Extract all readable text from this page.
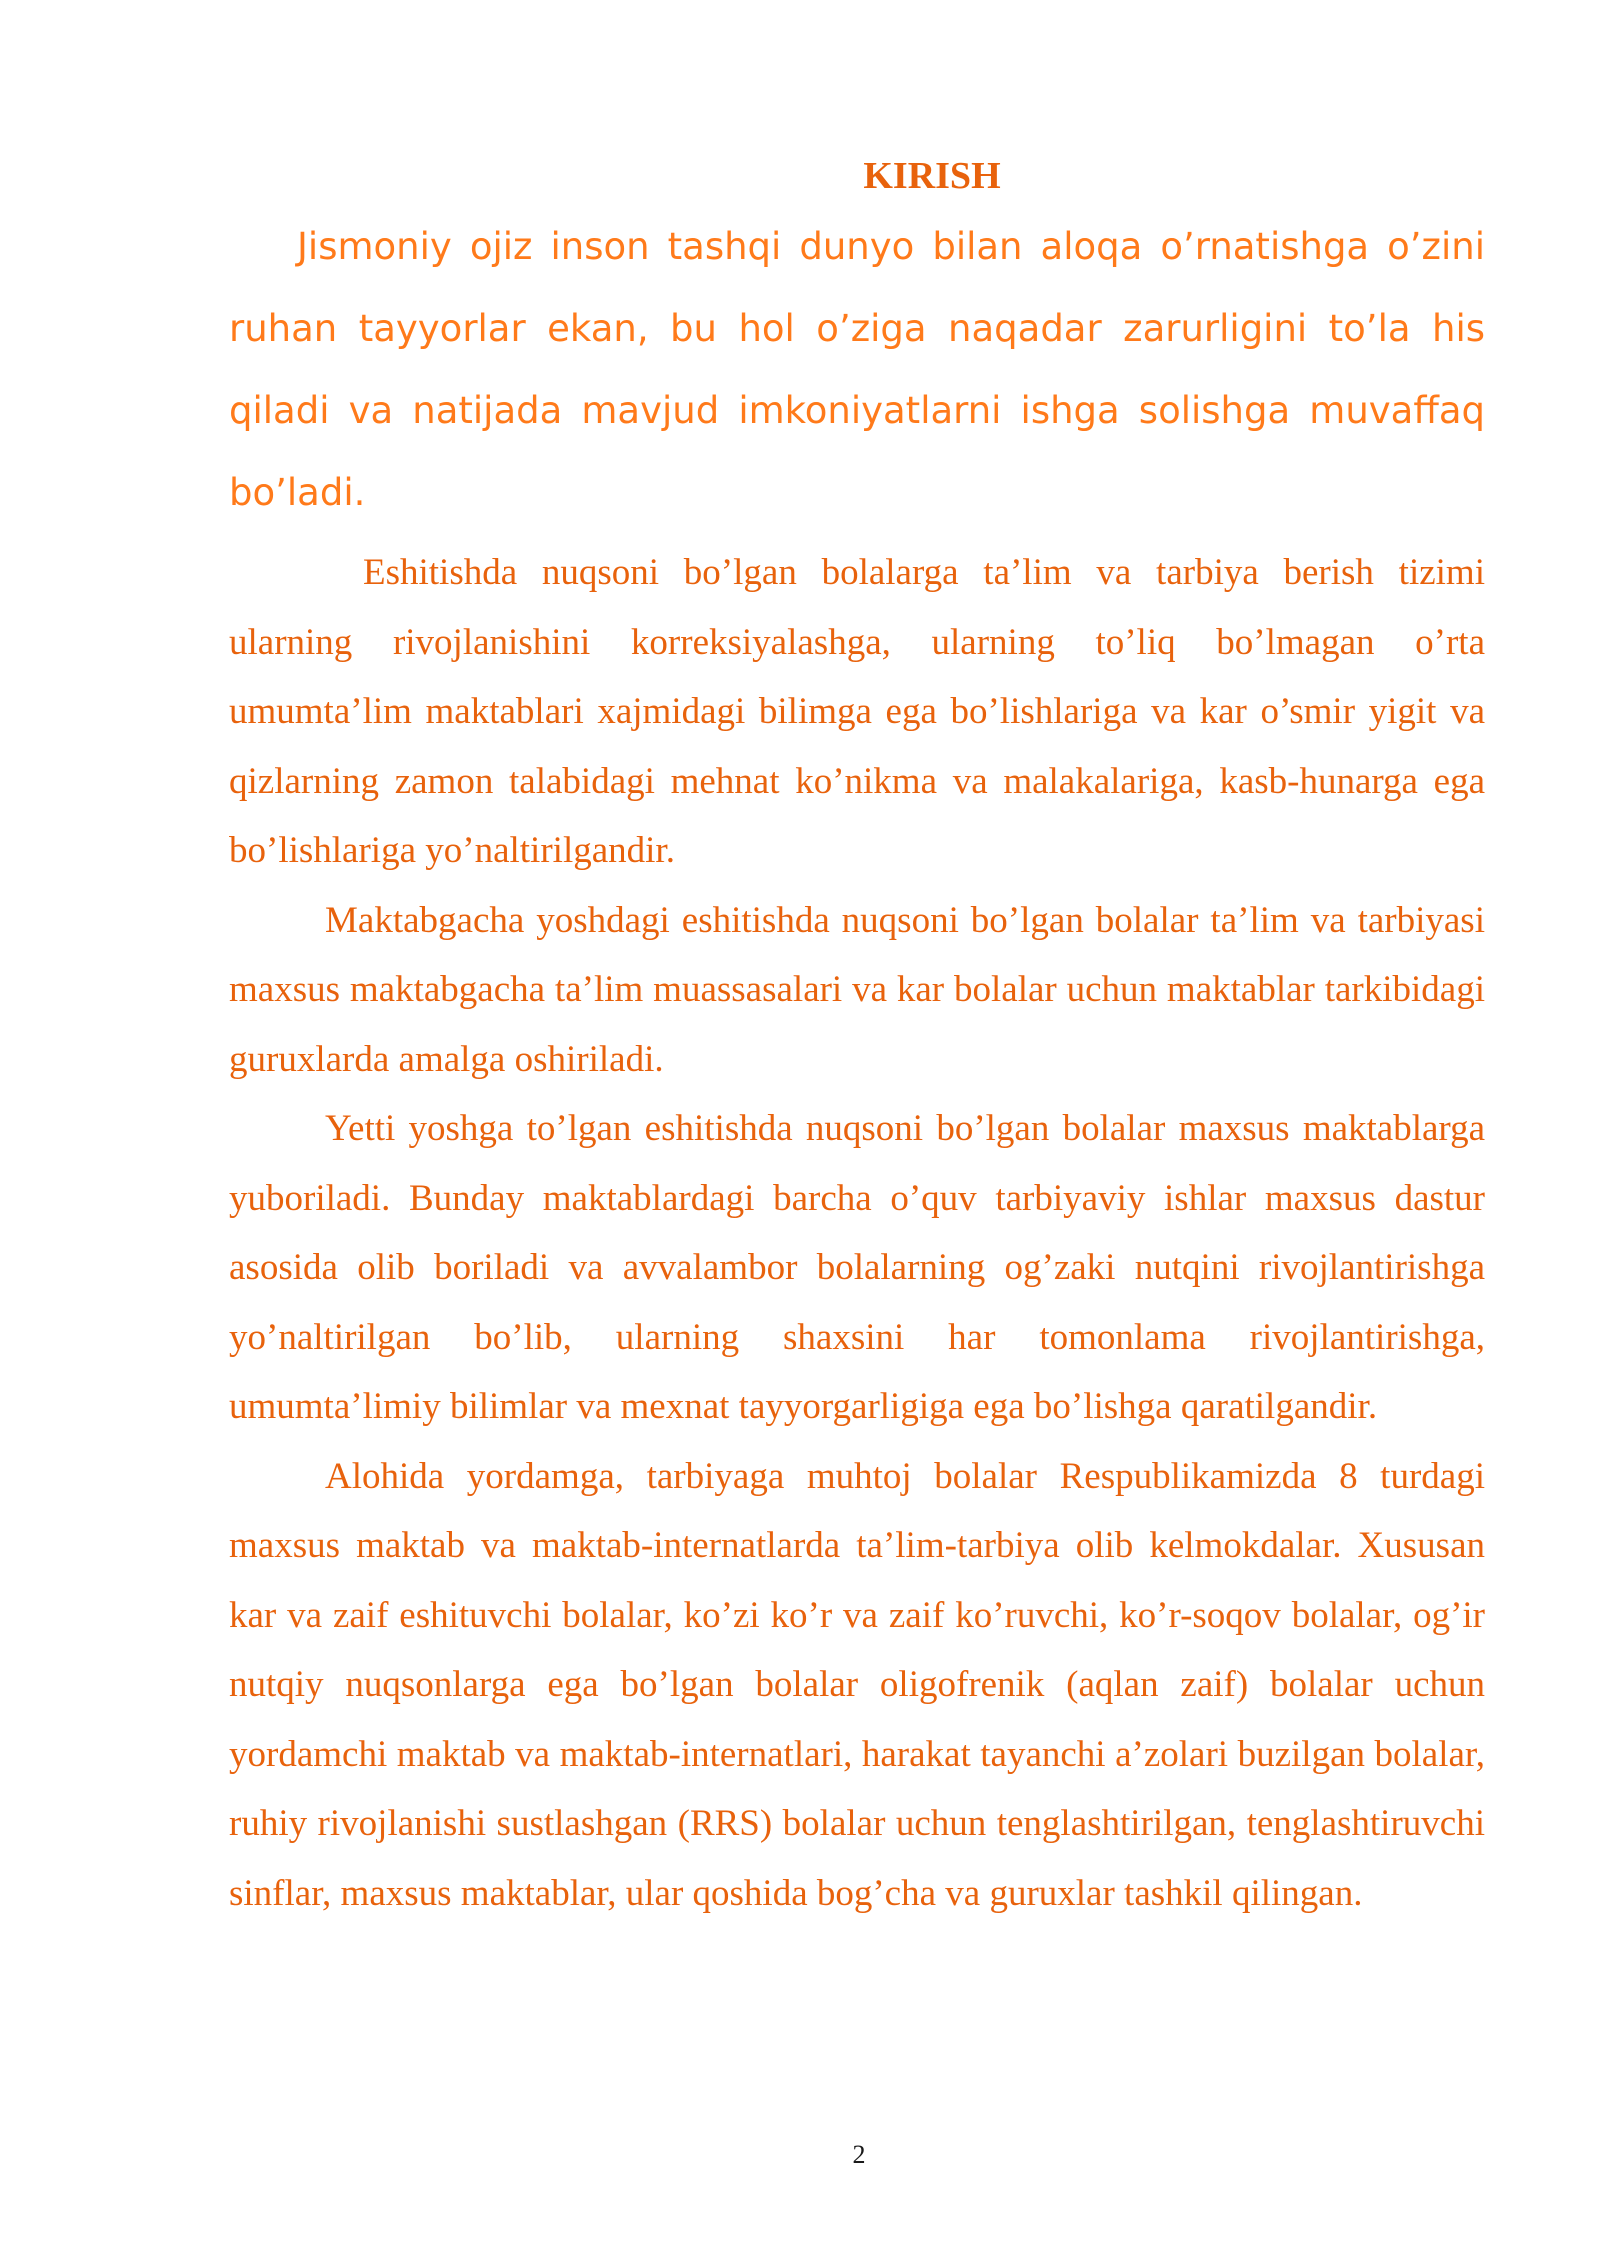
KIRISH

Jismoniy ojiz inson tashqi dunyo bilan aloqa o’rnatishga o’zini ruhan tayyorlar ekan, bu hol o’ziga naqadar zarurligini to’la his qiladi va natijada mavjud imkoniyatlarni ishga solishga muvaffaq bo’ladi.

Eshitishda nuqsoni bo’lgan bolalarga ta’lim va tarbiya berish tizimi ularning rivojlanishini korreksiyalashga, ularning to’liq bo’lmagan o’rta umumta’lim maktablari xajmidagi bilimga ega bo’lishlariga va kar o’smir yigit va qizlarning zamon talabidagi mehnat ko’nikma va malakalariga, kasb-hunarga ega bo’lishlariga yo’naltirilgandir.

Maktabgacha yoshdagi eshitishda nuqsoni bo’lgan bolalar ta’lim va tarbiyasi maxsus maktabgacha ta’lim muassasalari va kar bolalar uchun maktablar tarkibidagi guruxlarda amalga oshiriladi.

Yetti yoshga to’lgan eshitishda nuqsoni bo’lgan bolalar maxsus maktablarga yuboriladi. Bunday maktablardagi barcha o’quv tarbiyaviy ishlar maxsus dastur asosida olib boriladi va avvalambor bolalarning og’zaki nutqini rivojlantirishga yo’naltirilgan bo’lib, ularning shaxsini har tomonlama rivojlantirishga, umumta’limiy bilimlar va mexnat tayyorgarligiga ega bo’lishga qaratilgandir.

Alohida yordamga, tarbiyaga muhtoj bolalar Respublikamizda 8 turdagi maxsus maktab va maktab-internatlarda ta’lim-tarbiya olib kelmokdalar. Xususan kar va zaif eshituvchi bolalar, ko’zi ko’r va zaif ko’ruvchi, ko’r-soqov bolalar, og’ir nutqiy nuqsonlarga ega bo’lgan bolalar oligofrenik (aqlan zaif) bolalar uchun yordamchi maktab va maktab-internatlari, harakat tayanchi a’zolari buzilgan bolalar, ruhiy rivojlanishi sustlashgan (RRS) bolalar uchun tenglashtirilgan, tenglashtiruvchi sinflar, maxsus maktablar, ular qoshida bog’cha va guruxlar tashkil qilingan.

2
